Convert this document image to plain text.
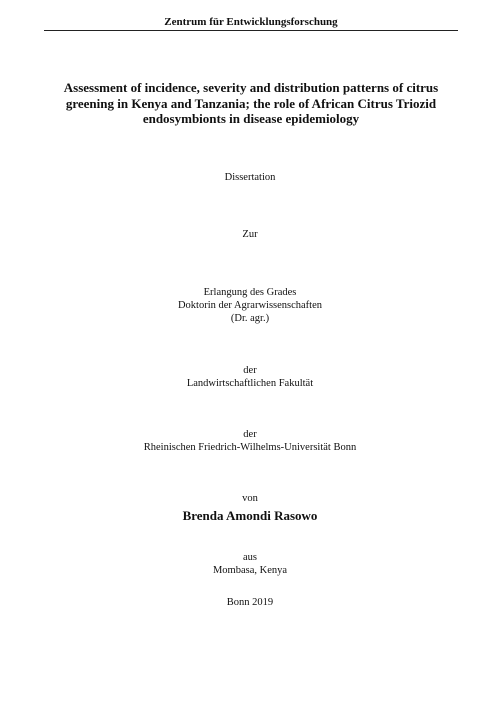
Zentrum für Entwicklungsforschung
Assessment of incidence, severity and distribution patterns of citrus
greening in Kenya and Tanzania; the role of African Citrus Triozid
endosymbionts in disease epidemiology
Dissertation
Zur
Erlangung des Grades
Doktorin der Agrarwissenschaften
(Dr. agr.)
der
Landwirtschaftlichen Fakultät
der
Rheinischen Friedrich-Wilhelms-Universität Bonn
von
Brenda Amondi Rasowo
aus
Mombasa, Kenya
Bonn 2019
